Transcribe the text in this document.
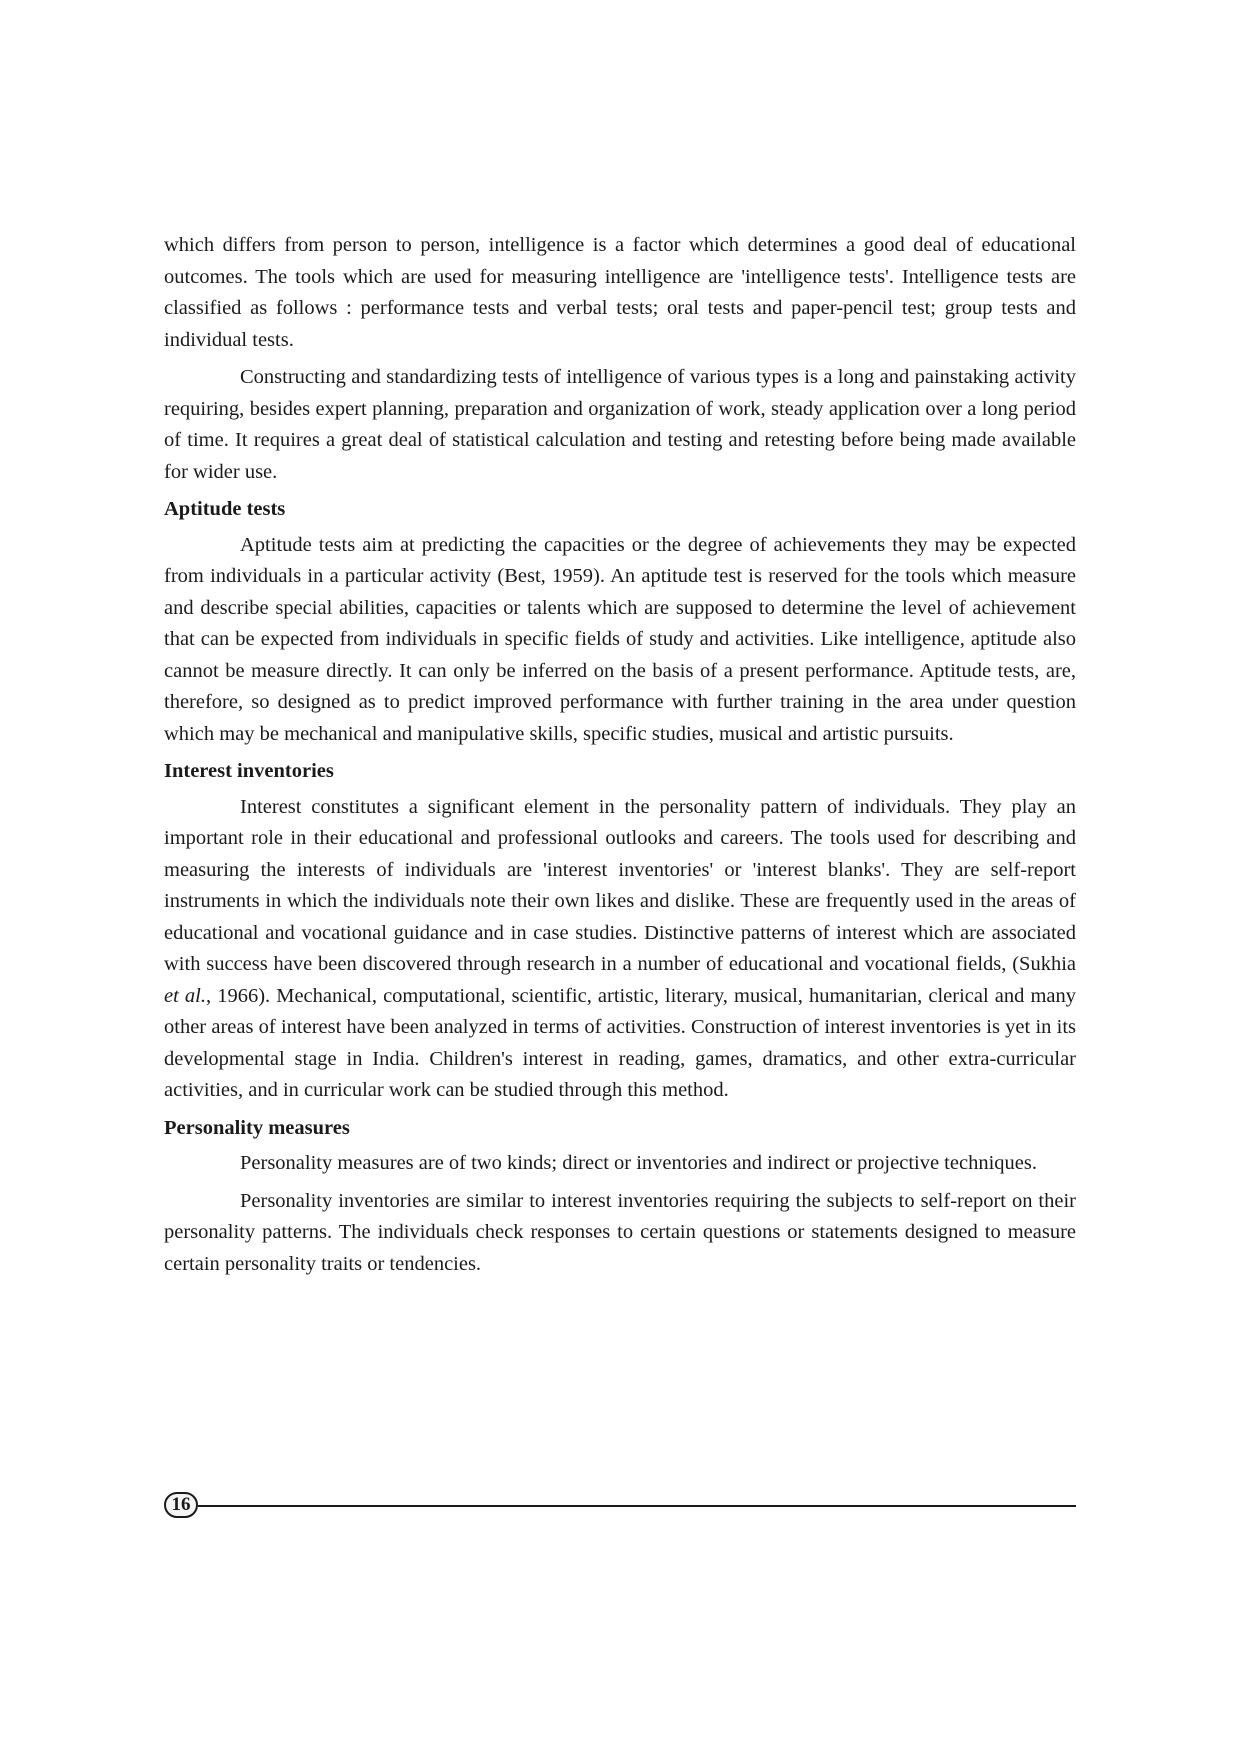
which differs from person to person, intelligence is a factor which determines a good deal of educational outcomes. The tools which are used for measuring intelligence are 'intelligence tests'. Intelligence tests are classified as follows : performance tests and verbal tests; oral tests and paper-pencil test; group tests and individual tests.

Constructing and standardizing tests of intelligence of various types is a long and painstaking activity requiring, besides expert planning, preparation and organization of work, steady application over a long period of time. It requires a great deal of statistical calculation and testing and retesting before being made available for wider use.

Aptitude tests

Aptitude tests aim at predicting the capacities or the degree of achievements they may be expected from individuals in a particular activity (Best, 1959). An aptitude test is reserved for the tools which measure and describe special abilities, capacities or talents which are supposed to determine the level of achievement that can be expected from individuals in specific fields of study and activities. Like intelligence, aptitude also cannot be measure directly. It can only be inferred on the basis of a present performance. Aptitude tests, are, therefore, so designed as to predict improved performance with further training in the area under question which may be mechanical and manipulative skills, specific studies, musical and artistic pursuits.

Interest inventories

Interest constitutes a significant element in the personality pattern of individuals. They play an important role in their educational and professional outlooks and careers. The tools used for describing and measuring the interests of individuals are 'interest inventories' or 'interest blanks'. They are self-report instruments in which the individuals note their own likes and dislike. These are frequently used in the areas of educational and vocational guidance and in case studies. Distinctive patterns of interest which are associated with success have been discovered through research in a number of educational and vocational fields, (Sukhia et al., 1966). Mechanical, computational, scientific, artistic, literary, musical, humanitarian, clerical and many other areas of interest have been analyzed in terms of activities. Construction of interest inventories is yet in its developmental stage in India. Children's interest in reading, games, dramatics, and other extra-curricular activities, and in curricular work can be studied through this method.

Personality measures

Personality measures are of two kinds; direct or inventories and indirect or projective techniques.

Personality inventories are similar to interest inventories requiring the subjects to self-report on their personality patterns. The individuals check responses to certain questions or statements designed to measure certain personality traits or tendencies.

16
